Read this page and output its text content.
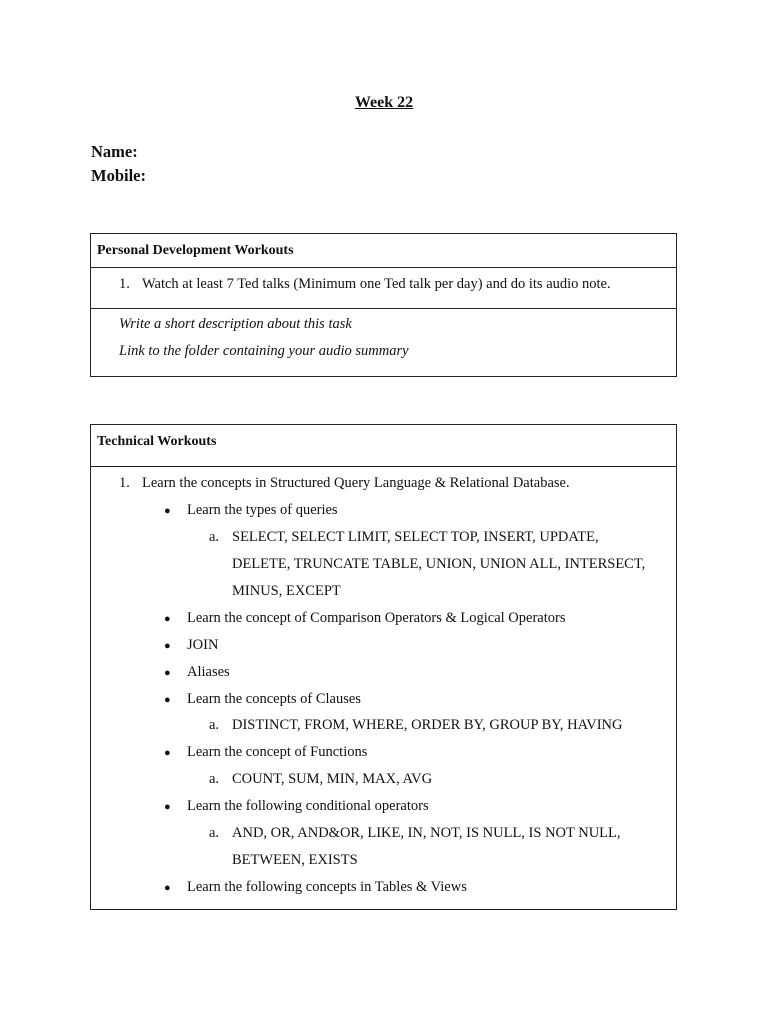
Week 22
Name:
Mobile:
Personal Development Workouts
1. Watch at least 7 Ted talks (Minimum one Ted talk per day) and do its audio note.
Write a short description about this task
Link to the folder containing your audio summary
Technical Workouts
1. Learn the concepts in Structured Query Language & Relational Database.
● Learn the types of queries
a. SELECT, SELECT LIMIT, SELECT TOP, INSERT, UPDATE,
DELETE, TRUNCATE TABLE, UNION, UNION ALL, INTERSECT,
MINUS, EXCEPT
● Learn the concept of Comparison Operators & Logical Operators
● JOIN
● Aliases
● Learn the concepts of Clauses
a. DISTINCT, FROM, WHERE, ORDER BY, GROUP BY, HAVING
● Learn the concept of Functions
a. COUNT, SUM, MIN, MAX, AVG
● Learn the following conditional operators
a. AND, OR, AND&OR, LIKE, IN, NOT, IS NULL, IS NOT NULL,
BETWEEN, EXISTS
● Learn the following concepts in Tables & Views
